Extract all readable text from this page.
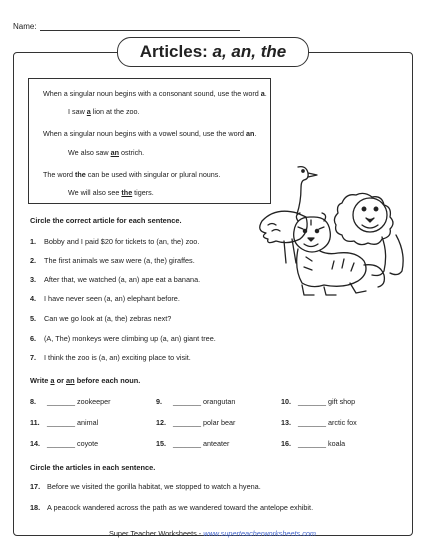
Name:
Articles: a, an, the
When a singular noun begins with a consonant sound, use the word a.
I saw a lion at the zoo.
When a singular noun begins with a vowel sound, use the word an.
We also saw an ostrich.
The word the can be used with singular or plural nouns.
We will also see the tigers.
Circle the correct article for each sentence.
1. Bobby and I paid $20 for tickets to (an, the) zoo.
2. The first animals we saw were (a, the) giraffes.
3. After that, we watched (a, an) ape eat a banana.
4. I have never seen (a, an) elephant before.
5. Can we go look at (a, the) zebras next?
6. (A, The) monkeys were climbing up (a, an) giant tree.
7. I think the zoo is (a, an) exciting place to visit.
Write a or an before each noun.
8. _______ zookeeper	9. _______ orangutan	10. _______ gift shop
11. _______ animal	12. _______ polar bear	13. _______ arctic fox
14. _______ coyote	15. _______ anteater	16. _______ koala
Circle the articles in each sentence.
17. Before we visited the gorilla habitat, we stopped to watch a hyena.
18. A peacock wandered across the path as we wandered toward the antelope exhibit.
Super Teacher Worksheets - www.superteacherworksheets.com
